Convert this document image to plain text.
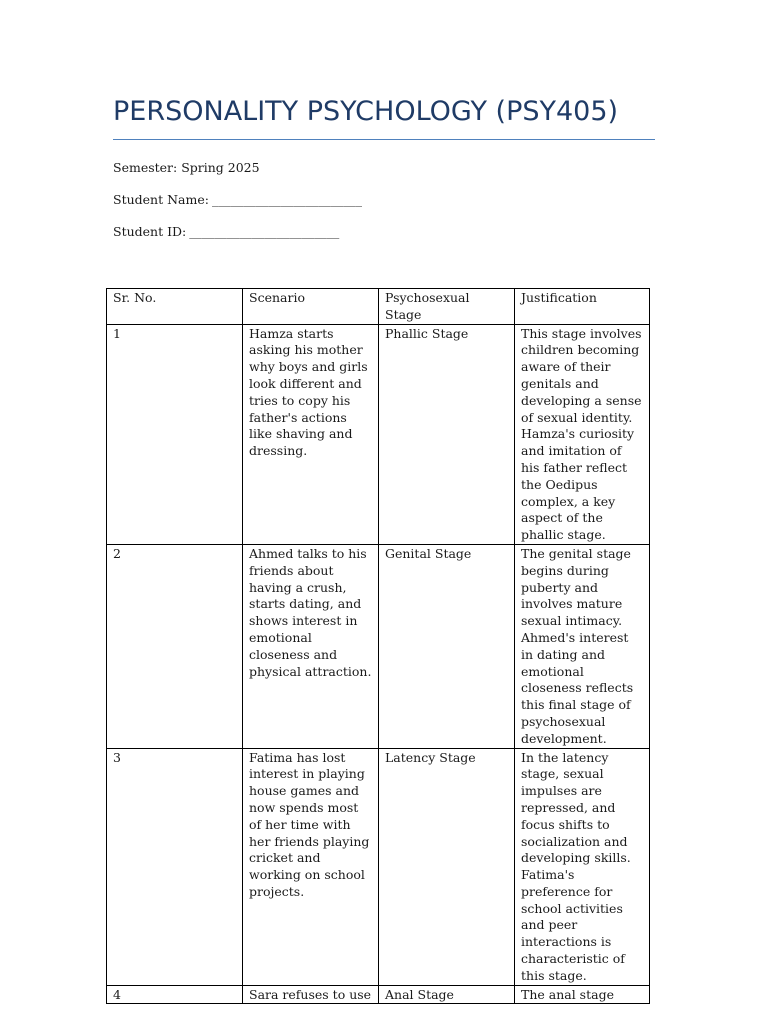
PERSONALITY PSYCHOLOGY (PSY405)
Semester: Spring 2025
Student Name: ________________________
Student ID: ________________________
Sr. No.	Scenario	Psychosexual Stage	Justification
1	Hamza starts asking his mother why boys and girls look different and tries to copy his father's actions like shaving and dressing.	Phallic Stage	This stage involves children becoming aware of their genitals and developing a sense of sexual identity. Hamza's curiosity and imitation of his father reflect the Oedipus complex, a key aspect of the phallic stage.
2	Ahmed talks to his friends about having a crush, starts dating, and shows interest in emotional closeness and physical attraction.	Genital Stage	The genital stage begins during puberty and involves mature sexual intimacy. Ahmed's interest in dating and emotional closeness reflects this final stage of psychosexual development.
3	Fatima has lost interest in playing house games and now spends most of her time with her friends playing cricket and working on school projects.	Latency Stage	In the latency stage, sexual impulses are repressed, and focus shifts to socialization and developing skills. Fatima's preference for school activities and peer interactions is characteristic of this stage.
4	Sara refuses to use	Anal Stage	The anal stage
